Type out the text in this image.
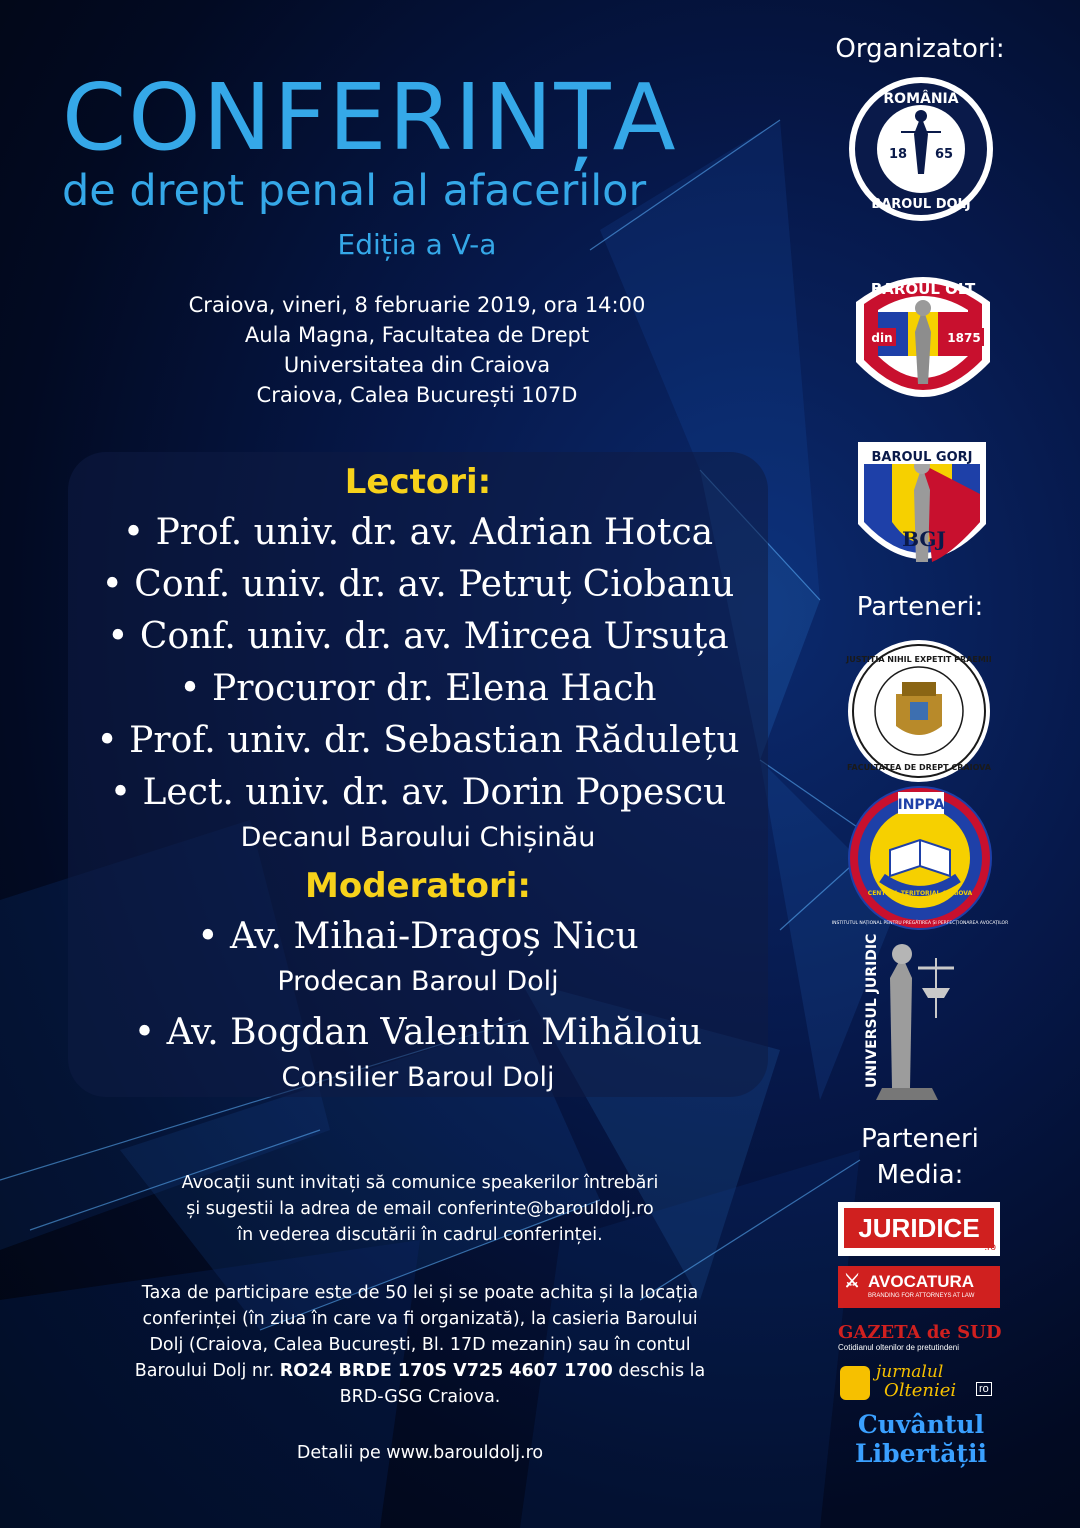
CONFERINȚA
de drept penal al afacerilor
Ediția a V-a
Craiova, vineri, 8 februarie 2019, ora 14:00
Aula Magna, Facultatea de Drept
Universitatea din Craiova
Craiova, Calea București 107D
Lectori:
• Prof. univ. dr. av. Adrian Hotca
• Conf. univ. dr. av. Petruț Ciobanu
• Conf. univ. dr. av. Mircea Ursuța
• Procuror dr. Elena Hach
• Prof. univ. dr. Sebastian Rădulețu
• Lect. univ. dr. av. Dorin Popescu
Decanul Baroului Chișinău
Moderatori:
• Av. Mihai-Dragoș Nicu
Prodecan Baroul Dolj
• Av. Bogdan Valentin Mihăloiu
Consilier Baroul Dolj
Avocații sunt invitați să comunice speakerilor întrebări
și sugestii la adrea de email conferinte@barouldolj.ro
în vederea discutării în cadrul conferinței.
Taxa de participare este de 50 lei și se poate achita și la locația
conferinței (în ziua în care va fi organizată), la casieria Baroului
Dolj (Craiova, Calea București, Bl. 17D mezanin) sau în contul
Baroului Dolj nr. RO24 BRDE 170S V725 4607 1700 deschis la
BRD-GSG Craiova.
Detalii pe www.barouldolj.ro
Organizatori:
ROMÂNIA
18 65
BAROUL DOLJ
BAROUL OLT
din	1875
BAROUL GORJ
BGJ
Parteneri:
JUSTITIA NIHIL EXPETIT PRAEMII
FACULTATEA DE DREPT CRAIOVA
INPPA
CENTRUL TERITORIAL CRAIOVA
INSTITUTUL NAȚIONAL PENTRU PREGĂTIREA ȘI PERFECȚIONAREA AVOCAȚILOR
UNIVERSUL JURIDIC
Parteneri
Media:
JURIDICE
.ro
⚔ AVOCATURA
BRANDING FOR ATTORNEYS AT LAW
GAZETA de SUD
Cotidianul oltenilor de pretutindeni
jurnalul
Olteniei ro
Cuvântul
Libertății
